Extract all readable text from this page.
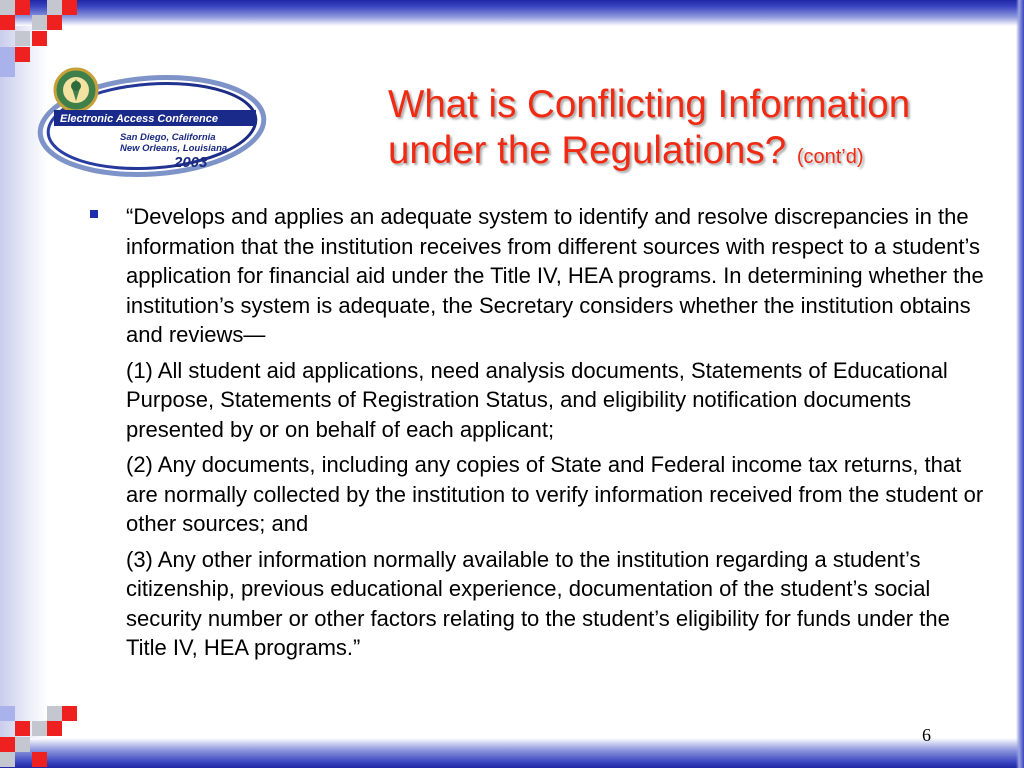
Electronic Access Conference
San Diego, California
New Orleans, Louisiana
2003
What is Conflicting Information
under the Regulations? (cont’d)

“Develops and applies an adequate system to identify and resolve discrepancies in the information that the institution receives from different sources with respect to a student’s application for financial aid under the Title IV, HEA programs. In determining whether the institution’s system is adequate, the Secretary considers whether the institution obtains and reviews—

(1) All student aid applications, need analysis documents, Statements of Educational Purpose, Statements of Registration Status, and eligibility notification documents presented by or on behalf of each applicant;

(2) Any documents, including any copies of State and Federal income tax returns, that are normally collected by the institution to verify information received from the student or other sources; and

(3) Any other information normally available to the institution regarding a student’s citizenship, previous educational experience, documentation of the student’s social security number or other factors relating to the student’s eligibility for funds under the Title IV, HEA programs.”

6
